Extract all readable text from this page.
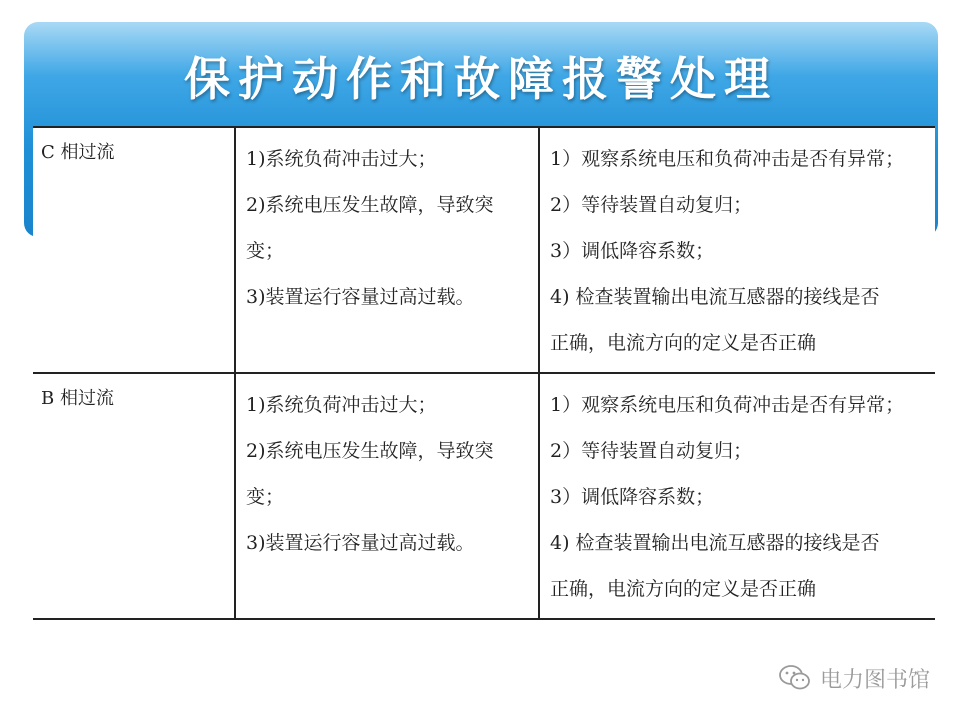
保护动作和故障报警处理
C 相过流	1)系统负荷冲击过大；
2)系统电压发生故障，导致突
变；
3)装置运行容量过高过载。	1）观察系统电压和负荷冲击是否有异常；
2）等待装置自动复归；
3）调低降容系数；
4) 检查装置输出电流互感器的接线是否
正确，电流方向的定义是否正确

B 相过流	1)系统负荷冲击过大；
2)系统电压发生故障，导致突
变；
3)装置运行容量过高过载。	1）观察系统电压和负荷冲击是否有异常；
2）等待装置自动复归；
3）调低降容系数；
4) 检查装置输出电流互感器的接线是否
正确，电流方向的定义是否正确
电力图书馆
